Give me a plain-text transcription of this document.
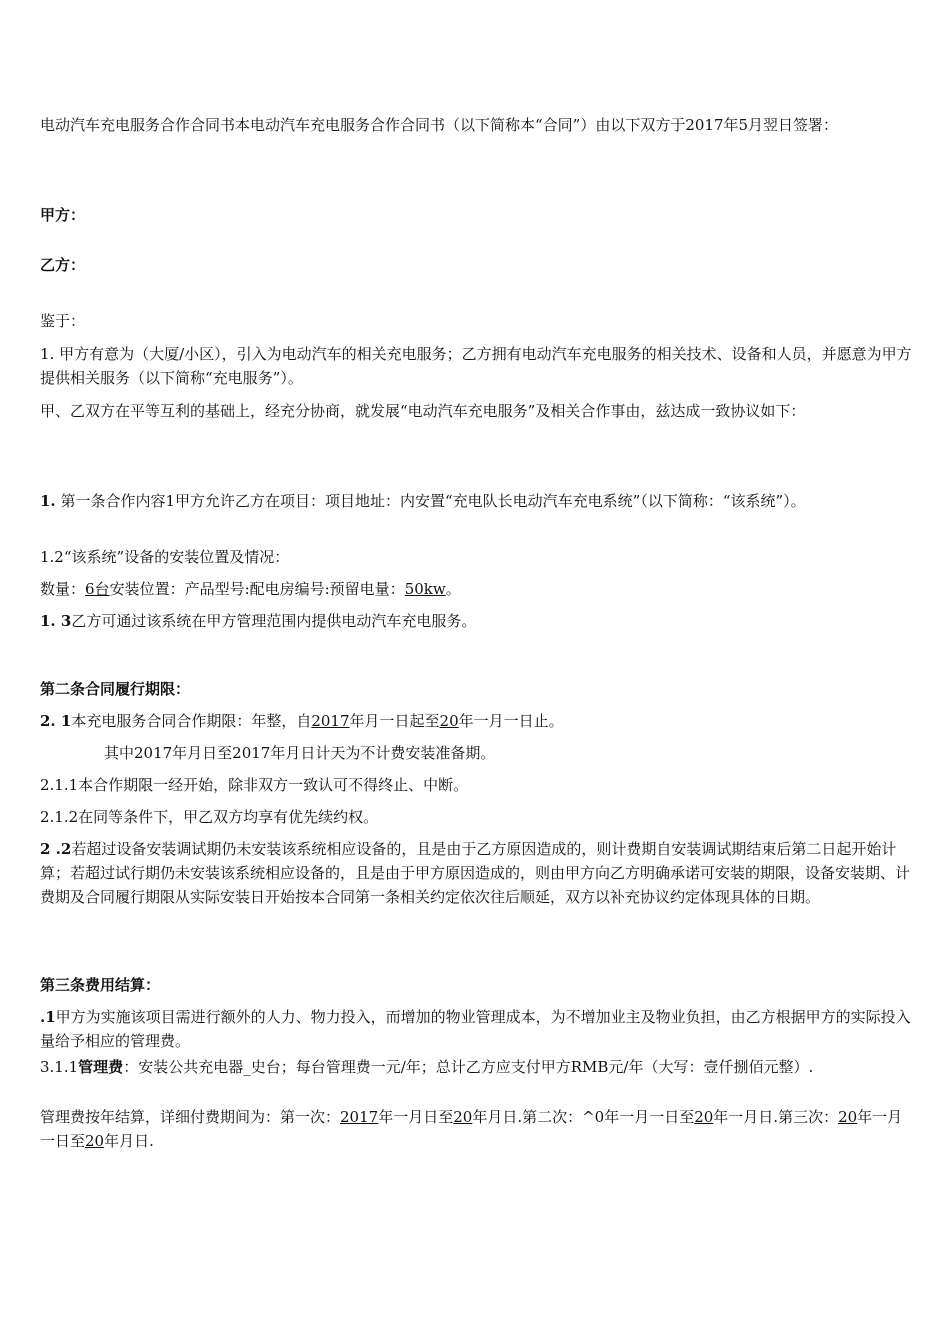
电动汽车充电服务合作合同书本电动汽车充电服务合作合同书（以下简称本“合同”）由以下双方于2017年5月翌日签署：

甲方：

乙方：

鉴于：

1. 甲方有意为（大厦/小区），引入为电动汽车的相关充电服务；乙方拥有电动汽车充电服务的相关技术、设备和人员，并愿意为甲方提供相关服务（以下简称“充电服务”）。

甲、乙双方在平等互利的基础上，经充分协商，就发展“电动汽车充电服务”及相关合作事由，兹达成一致协议如下：

1. 第一条合作内容1甲方允许乙方在项目：项目地址：内安置“充电队长电动汽车充电系统”（以下简称：“该系统”）。

1.2“该系统”设备的安装位置及情况：

数量：6台安装位置：产品型号:配电房编号:预留电量：50kw。

1. 3乙方可通过该系统在甲方管理范围内提供电动汽车充电服务。

第二条合同履行期限：

2. 1本充电服务合同合作期限：年整，自2017年月一日起至20年一月一日止。

其中2017年月日至2017年月日计天为不计费安装准备期。

2.1.1本合作期限一经开始，除非双方一致认可不得终止、中断。

2.1.2在同等条件下，甲乙双方均享有优先续约权。

2 .2若超过设备安装调试期仍未安装该系统相应设备的，且是由于乙方原因造成的，则计费期自安装调试期结束后第二日起开始计算；若超过试行期仍未安装该系统相应设备的，且是由于甲方原因造成的，则由甲方向乙方明确承诺可安装的期限，设备安装期、计费期及合同履行期限从实际安装日开始按本合同第一条相关约定依次往后顺延，双方以补充协议约定体现具体的日期。

第三条费用结算：

.1甲方为实施该项目需进行额外的人力、物力投入，而增加的物业管理成本，为不增加业主及物业负担，由乙方根据甲方的实际投入量给予相应的管理费。

3.1.1管理费：安装公共充电器_史台；每台管理费一元/年；总计乙方应支付甲方RMB元/年（大写：壹仟捌佰元整）.

管理费按年结算，详细付费期间为：第一次：2017年一月日至20年月日.第二次：^0年一月一日至20年一月日.第三次：20年一月一日至20年月日.
